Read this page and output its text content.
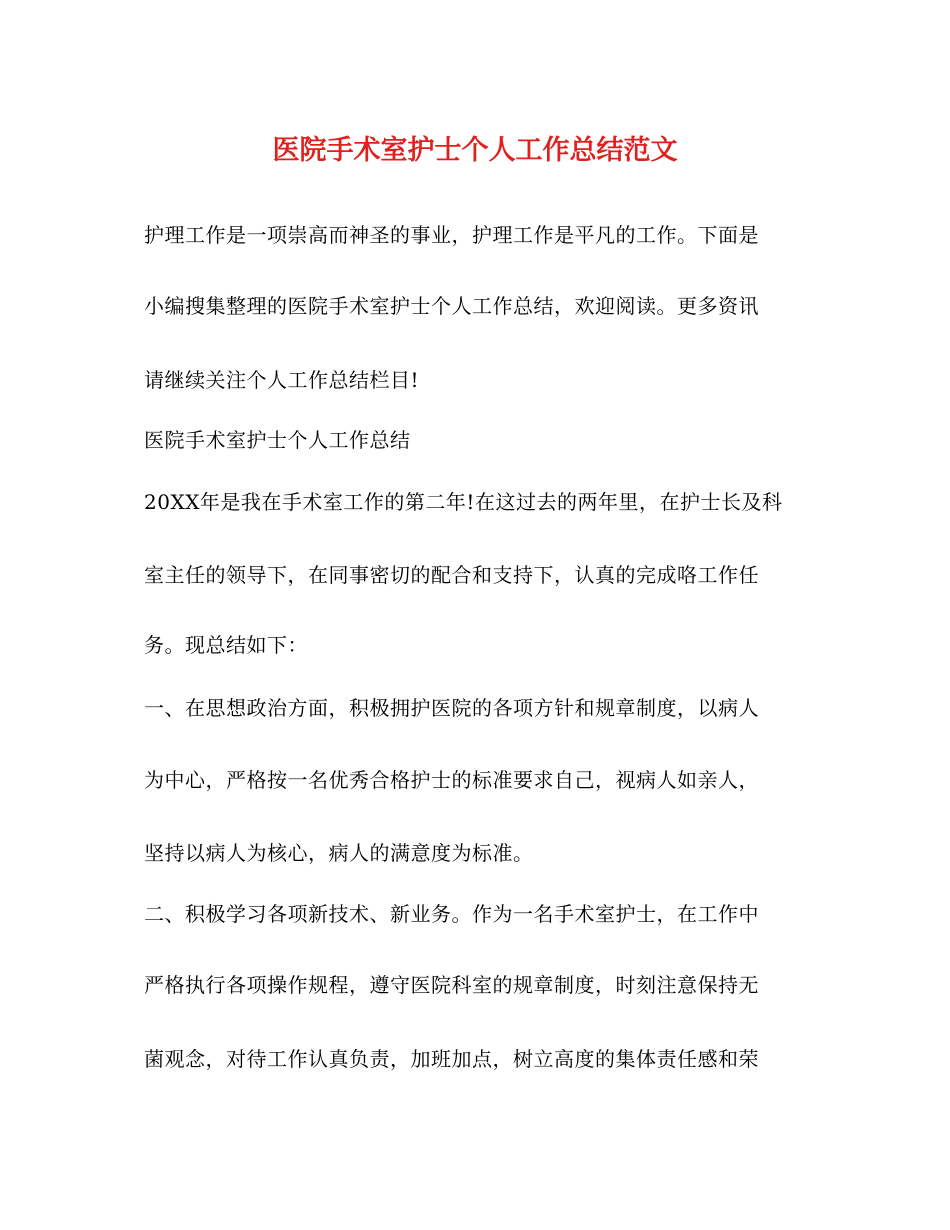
医院手术室护士个人工作总结范文
护理工作是一项崇高而神圣的事业，护理工作是平凡的工作。下面是
小编搜集整理的医院手术室护士个人工作总结，欢迎阅读。更多资讯
请继续关注个人工作总结栏目!
医院手术室护士个人工作总结
20XX年是我在手术室工作的第二年!在这过去的两年里，在护士长及科
室主任的领导下，在同事密切的配合和支持下，认真的完成咯工作任
务。现总结如下：
一、在思想政治方面，积极拥护医院的各项方针和规章制度，以病人
为中心，严格按一名优秀合格护士的标准要求自己，视病人如亲人，
坚持以病人为核心，病人的满意度为标准。
二、积极学习各项新技术、新业务。作为一名手术室护士，在工作中
严格执行各项操作规程，遵守医院科室的规章制度，时刻注意保持无
菌观念，对待工作认真负责，加班加点，树立高度的集体责任感和荣
